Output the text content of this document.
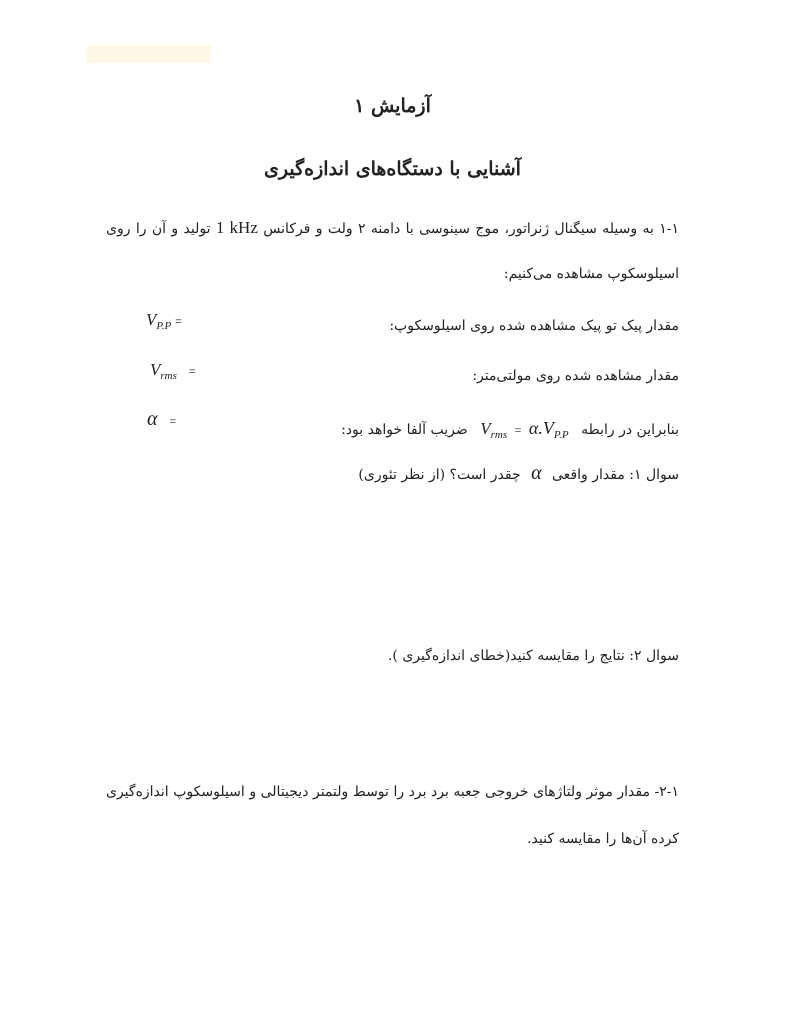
آزمایش ۱
آشنایی با دستگاه‌های اندازه‌گیری
۱-۱ به وسیله سیگنال ژنراتور، موج سینوسی با دامنه ۲ ولت و فرکانس 1 kHz تولید و آن را روی
اسیلوسکوپ مشاهده می‌کنیم:
مقدار پیک تو پیک مشاهده شده روی اسیلوسکوپ:
$V_{P.P}$ =
مقدار مشاهده شده روی مولتی‌متر:
$V_{rms}$ =
بنابراین در رابطه $V_{rms} = \alpha.V_{P.P}$ ضریب آلفا خواهد بود:
α =
سوال ۱: مقدار واقعی α چقدر است؟ (از نظر تئوری)
سوال ۲: نتایج را مقایسه کنید(خطای اندازه‌گیری ).
۲-۱- مقدار موثر ولتاژهای خروجی جعبه برد برد را توسط ولتمتر دیجیتالی و اسیلوسکوپ اندازه‌گیری
کرده آن‌ها را مقایسه کنید.
